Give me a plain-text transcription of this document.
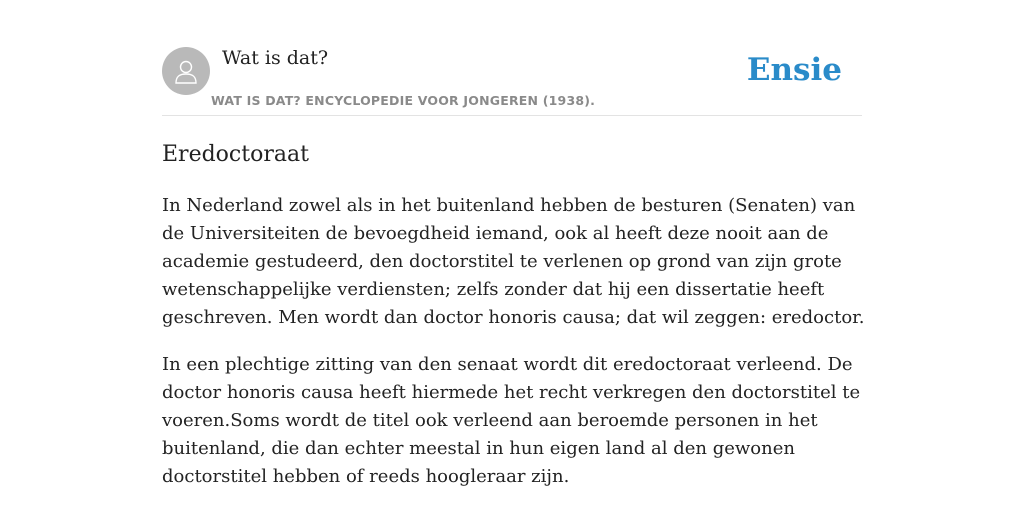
Wat is dat?
WAT IS DAT? ENCYCLOPEDIE VOOR JONGEREN (1938).
Ensie
Eredoctoraat

In Nederland zowel als in het buitenland hebben de besturen (Senaten) van de Universiteiten de bevoegdheid iemand, ook al heeft deze nooit aan de academie gestudeerd, den doctorstitel te verlenen op grond van zijn grote wetenschappelijke verdiensten; zelfs zonder dat hij een dissertatie heeft geschreven. Men wordt dan doctor honoris causa; dat wil zeggen: eredoctor.

In een plechtige zitting van den senaat wordt dit eredoctoraat verleend. De doctor honoris causa heeft hiermede het recht verkregen den doctorstitel te voeren.Soms wordt de titel ook verleend aan beroemde personen in het buitenland, die dan echter meestal in hun eigen land al den gewonen doctorstitel hebben of reeds hoogleraar zijn.
